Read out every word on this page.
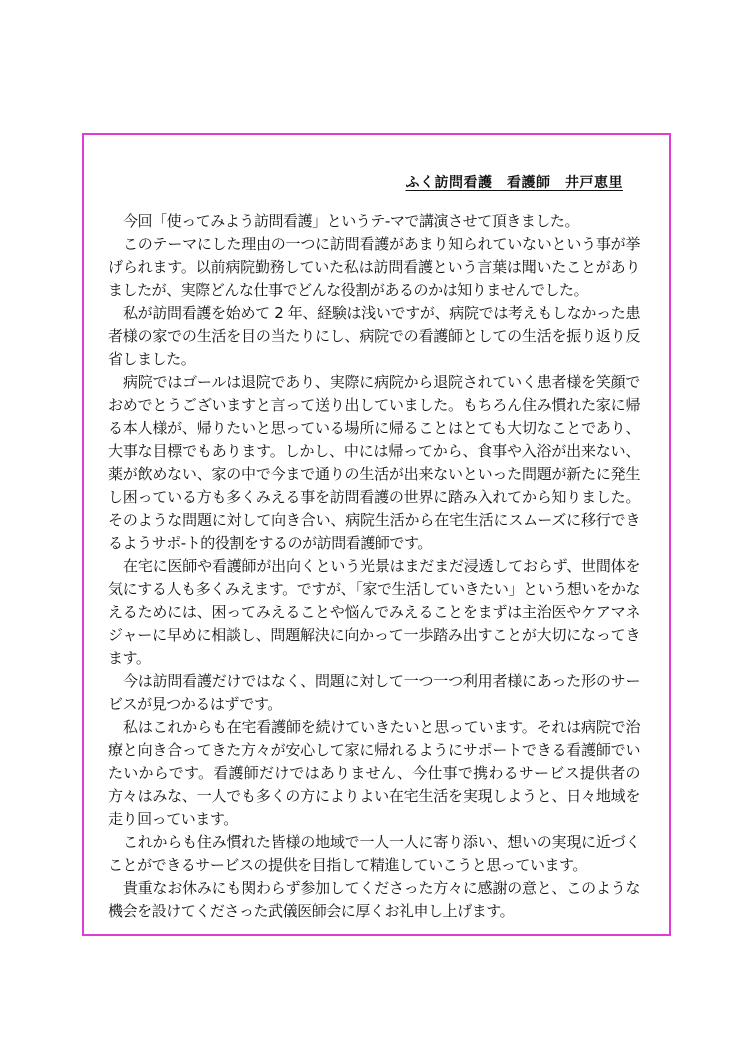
ふく訪問看護　看護師　井戸恵里

今回「使ってみよう訪問看護」というテ-マで講演させて頂きました。

このテーマにした理由の一つに訪問看護があまり知られていないという事が挙げられます。以前病院勤務していた私は訪問看護という言葉は聞いたことがありましたが、実際どんな仕事でどんな役割があるのかは知りませんでした。

私が訪問看護を始めて 2 年、経験は浅いですが、病院では考えもしなかった患者様の家での生活を目の当たりにし、病院での看護師としての生活を振り返り反省しました。

病院ではゴールは退院であり、実際に病院から退院されていく患者様を笑顔でおめでとうございますと言って送り出していました。もちろん住み慣れた家に帰る本人様が、帰りたいと思っている場所に帰ることはとても大切なことであり、大事な目標でもあります。しかし、中には帰ってから、食事や入浴が出来ない、薬が飲めない、家の中で今まで通りの生活が出来ないといった問題が新たに発生し困っている方も多くみえる事を訪問看護の世界に踏み入れてから知りました。そのような問題に対して向き合い、病院生活から在宅生活にスムーズに移行できるようサポ-ト的役割をするのが訪問看護師です。

在宅に医師や看護師が出向くという光景はまだまだ浸透しておらず、世間体を気にする人も多くみえます。ですが、「家で生活していきたい」という想いをかなえるためには、困ってみえることや悩んでみえることをまずは主治医やケアマネジャーに早めに相談し、問題解決に向かって一歩踏み出すことが大切になってきます。

今は訪問看護だけではなく、問題に対して一つ一つ利用者様にあった形のサービスが見つかるはずです。

私はこれからも在宅看護師を続けていきたいと思っています。それは病院で治療と向き合ってきた方々が安心して家に帰れるようにサポートできる看護師でいたいからです。看護師だけではありません、今仕事で携わるサービス提供者の方々はみな、一人でも多くの方によりよい在宅生活を実現しようと、日々地域を走り回っています。

これからも住み慣れた皆様の地域で一人一人に寄り添い、想いの実現に近づくことができるサービスの提供を目指して精進していこうと思っています。

貴重なお休みにも関わらず参加してくださった方々に感謝の意と、このような機会を設けてくださった武儀医師会に厚くお礼申し上げます。
